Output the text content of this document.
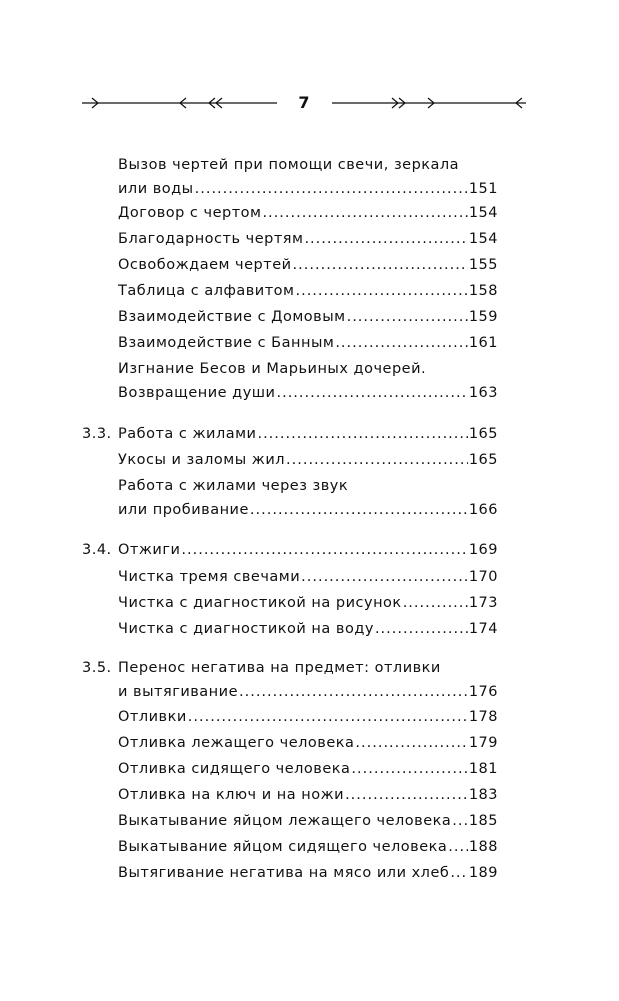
7
Вызов чертей при помощи свечи, зеркала
или воды .....	151
Договор с чертом .....	154
Благодарность чертям .....	154
Освобождаем чертей .....	155
Таблица с алфавитом .....	158
Взаимодействие с Домовым .....	159
Взаимодействие с Банным .....	161
Изгнание Бесов и Марьиных дочерей.
Возвращение души .....	163
3.3. Работа с жилами .....	165
Укосы и заломы жил .....	165
Работа с жилами через звук
или пробивание .....	166
3.4. Отжиги .....	169
Чистка тремя свечами .....	170
Чистка с диагностикой на рисунок .....	173
Чистка с диагностикой на воду .....	174
3.5. Перенос негатива на предмет: отливки
и вытягивание .....	176
Отливки .....	178
Отливка лежащего человека .....	179
Отливка сидящего человека .....	181
Отливка на ключ и на ножи .....	183
Выкатывание яйцом лежащего человека ..... 185
Выкатывание яйцом сидящего человека ..... 188
Вытягивание негатива на мясо или хлеб ..... 189
